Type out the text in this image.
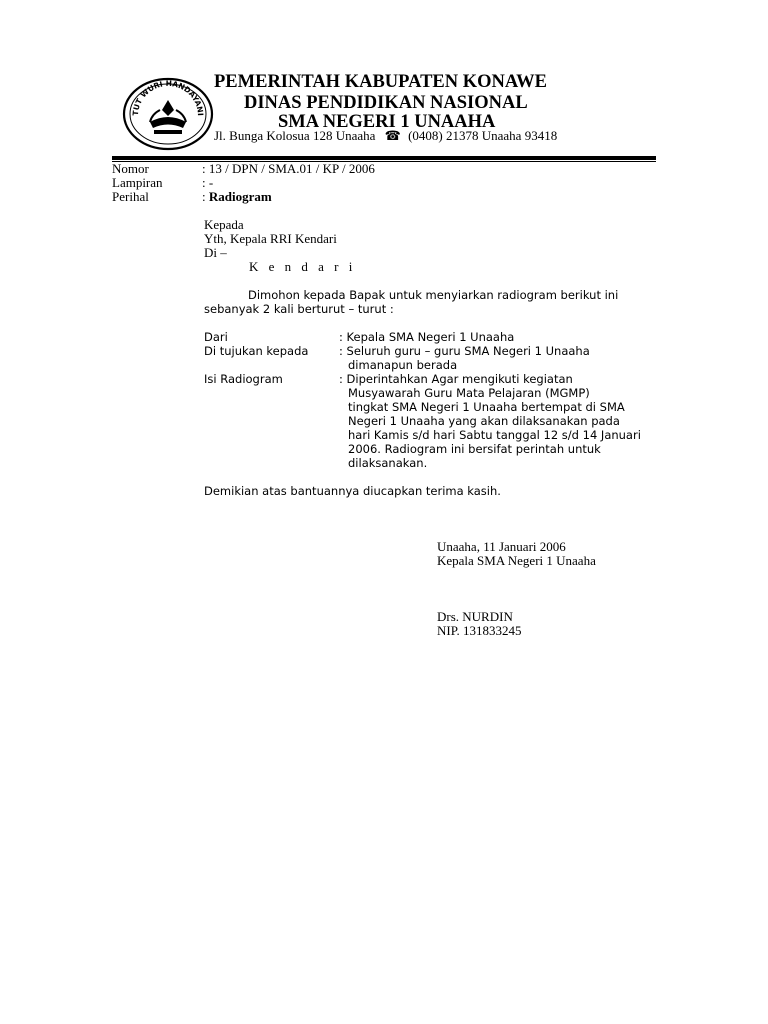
TUT WURI HANDAYANI
PEMERINTAH KABUPATEN KONAWE
DINAS PENDIDIKAN NASIONAL
SMA NEGERI 1 UNAAHA
Jl. Bunga Kolosua 128 Unaaha ☎ (0408) 21378 Unaaha 93418
Nomor	: 13 / DPN / SMA.01 / KP / 2006
Lampiran	: -
Perihal	: Radiogram
Kepada
Yth, Kepala RRI Kendari
Di –
K e n d a r i
Dimohon kepada Bapak untuk menyiarkan radiogram berikut ini sebanyak 2 kali berturut – turut :
Dari	: Kepala SMA Negeri 1 Unaaha
Di tujukan kepada	: Seluruh guru – guru SMA Negeri 1 Unaaha
dimanapun berada
Isi Radiogram	: Diperintahkan Agar mengikuti kegiatan
Musyawarah Guru Mata Pelajaran (MGMP)
tingkat SMA Negeri 1 Unaaha bertempat di SMA
Negeri 1 Unaaha yang akan dilaksanakan pada
hari Kamis s/d hari Sabtu tanggal 12 s/d 14 Januari
2006. Radiogram ini bersifat perintah untuk
dilaksanakan.
Demikian atas bantuannya diucapkan terima kasih.
Unaaha, 11 Januari 2006
Kepala SMA Negeri 1 Unaaha
Drs. NURDIN
NIP. 131833245
